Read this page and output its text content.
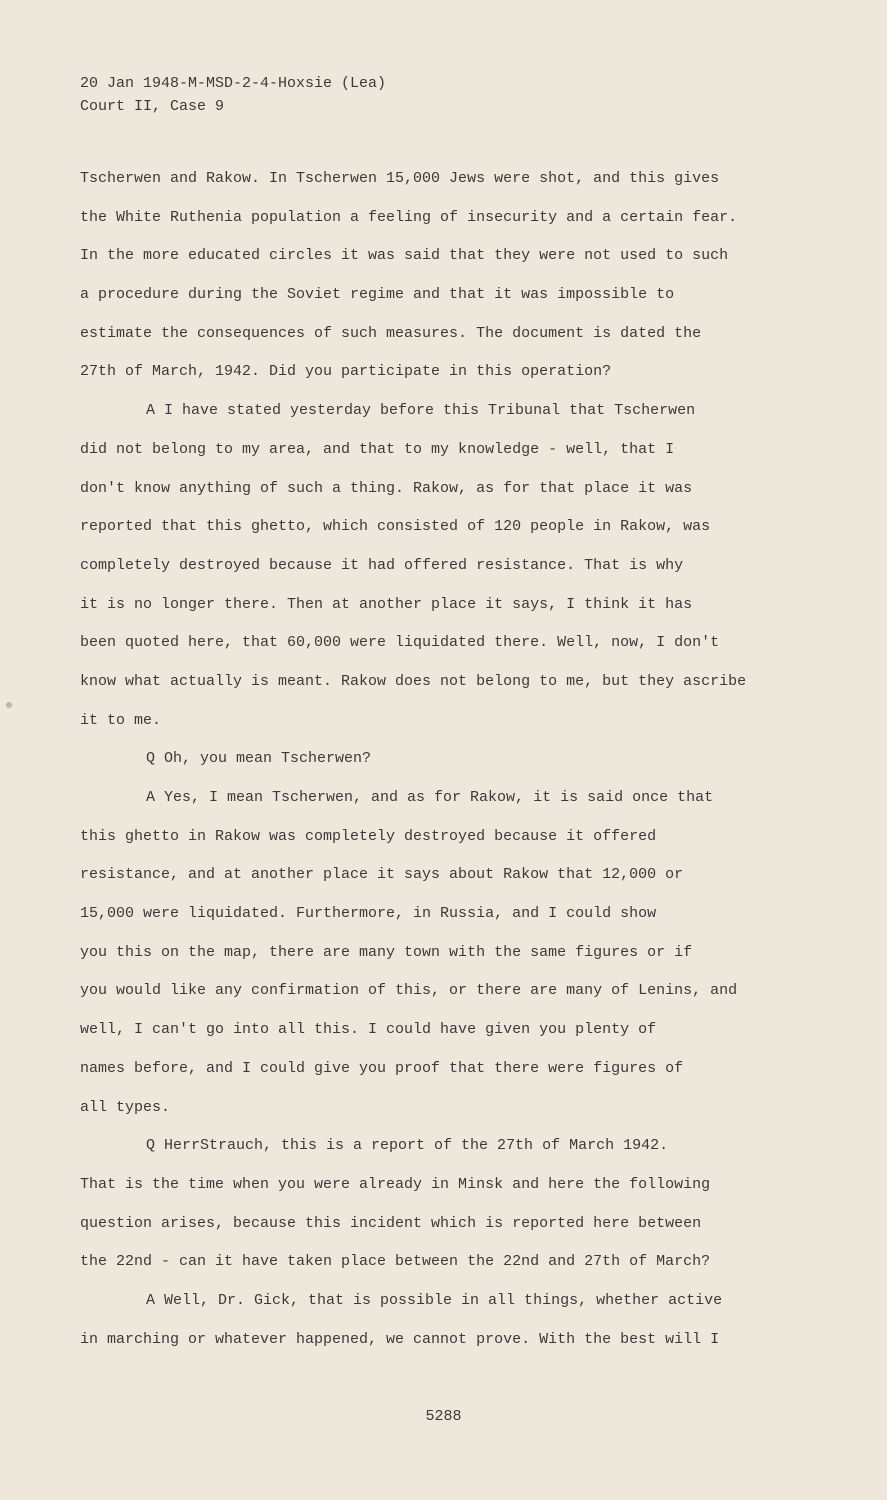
20 Jan 1948-M-MSD-2-4-Hoxsie (Lea)
Court II, Case 9
Tscherwen and Rakow. In Tscherwen 15,000 Jews were shot, and this gives
the White Ruthenia population a feeling of insecurity and a certain fear.
In the more educated circles it was said that they were not used to such
a procedure during the Soviet regime and that it was impossible to
estimate the consequences of such measures. The document is dated the
27th of March, 1942. Did you participate in this operation?
A I have stated yesterday before this Tribunal that Tscherwen
did not belong to my area, and that to my knowledge - well, that I
don't know anything of such a thing. Rakow, as for that place it was
reported that this ghetto, which consisted of 120 people in Rakow, was
completely destroyed because it had offered resistance. That is why
it is no longer there. Then at another place it says, I think it has
been quoted here, that 60,000 were liquidated there. Well, now, I don't
know what actually is meant. Rakow does not belong to me, but they ascribe
it to me.
Q Oh, you mean Tscherwen?
A Yes, I mean Tscherwen, and as for Rakow, it is said once that
this ghetto in Rakow was completely destroyed because it offered
resistance, and at another place it says about Rakow that 12,000 or
15,000 were liquidated. Furthermore, in Russia, and I could show
you this on the map, there are many town with the same figures or if
you would like any confirmation of this, or there are many of Lenins, and
well, I can't go into all this. I could have given you plenty of
names before, and I could give you proof that there were figures of
all types.
Q HerrStrauch, this is a report of the 27th of March 1942.
That is the time when you were already in Minsk and here the following
question arises, because this incident which is reported here between
the 22nd - can it have taken place between the 22nd and 27th of March?
A Well, Dr. Gick, that is possible in all things, whether active
in marching or whatever happened, we cannot prove. With the best will I
5288
